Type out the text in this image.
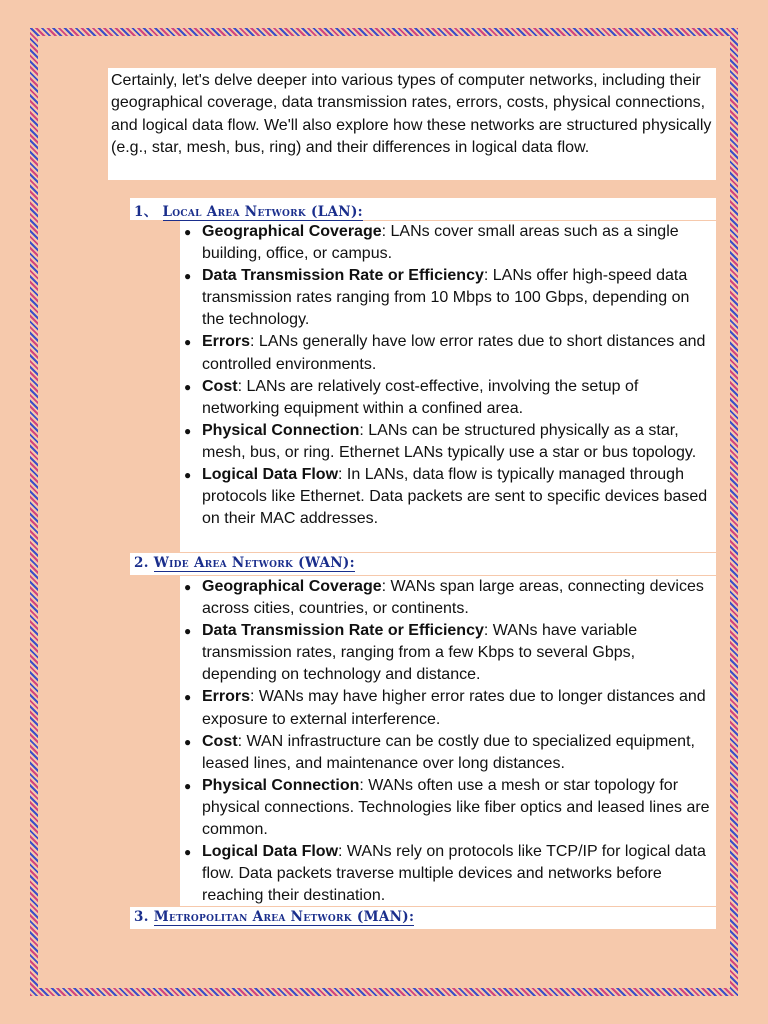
Certainly, let's delve deeper into various types of computer networks, including their geographical coverage, data transmission rates, errors, costs, physical connections, and logical data flow. We'll also explore how these networks are structured physically (e.g., star, mesh, bus, ring) and their differences in logical data flow.
1、 Local Area Network (LAN):
● Geographical Coverage: LANs cover small areas such as a single building, office, or campus.
● Data Transmission Rate or Efficiency: LANs offer high-speed data transmission rates ranging from 10 Mbps to 100 Gbps, depending on the technology.
● Errors: LANs generally have low error rates due to short distances and controlled environments.
● Cost: LANs are relatively cost-effective, involving the setup of networking equipment within a confined area.
● Physical Connection: LANs can be structured physically as a star, mesh, bus, or ring. Ethernet LANs typically use a star or bus topology.
● Logical Data Flow: In LANs, data flow is typically managed through protocols like Ethernet. Data packets are sent to specific devices based on their MAC addresses.
2. Wide Area Network (WAN):
● Geographical Coverage: WANs span large areas, connecting devices across cities, countries, or continents.
● Data Transmission Rate or Efficiency: WANs have variable transmission rates, ranging from a few Kbps to several Gbps, depending on technology and distance.
● Errors: WANs may have higher error rates due to longer distances and exposure to external interference.
● Cost: WAN infrastructure can be costly due to specialized equipment, leased lines, and maintenance over long distances.
● Physical Connection: WANs often use a mesh or star topology for physical connections. Technologies like fiber optics and leased lines are common.
● Logical Data Flow: WANs rely on protocols like TCP/IP for logical data flow. Data packets traverse multiple devices and networks before reaching their destination.
3. Metropolitan Area Network (MAN):
